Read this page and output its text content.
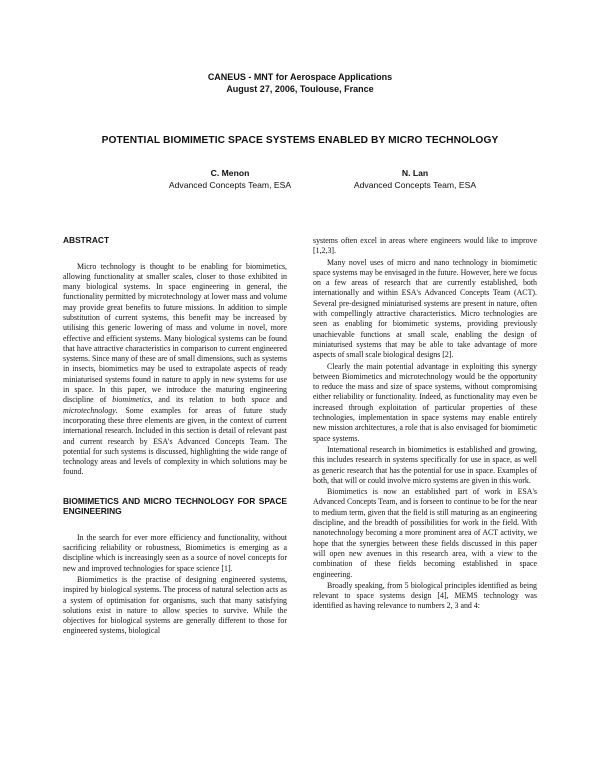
CANEUS - MNT for Aerospace Applications
August 27, 2006, Toulouse, France
POTENTIAL BIOMIMETIC SPACE SYSTEMS ENABLED BY MICRO TECHNOLOGY
C. Menon
Advanced Concepts Team, ESA
N. Lan
Advanced Concepts Team, ESA
ABSTRACT

Micro technology is thought to be enabling for biomimetics, allowing functionality at smaller scales, closer to those exhibited in many biological systems. In space engineering in general, the functionality permitted by microtechnology at lower mass and volume may provide great benefits to future missions. In addition to simple substitution of current systems, this benefit may be increased by utilising this generic lowering of mass and volume in novel, more effective and efficient systems. Many biological systems can be found that have attractive characteristics in comparison to current engineered systems. Since many of these are of small dimensions, such as systems in insects, biomimetics may be used to extrapolate aspects of ready miniaturised systems found in nature to apply in new systems for use in space. In this paper, we introduce the maturing engineering discipline of biomimetics, and its relation to both space and microtechnology. Some examples for areas of future study incorporating these three elements are given, in the context of current international research. Included in this section is detail of relevant past and current research by ESA's Advanced Concepts Team. The potential for such systems is discussed, highlighting the wide range of technology areas and levels of complexity in which solutions may be found.

BIOMIMETICS AND MICRO TECHNOLOGY FOR SPACE ENGINEERING

In the search for ever more efficiency and functionality, without sacrificing reliability or robustness, Biomimetics is emerging as a discipline which is increasingly seen as a source of novel concepts for new and improved technologies for space science [1].

Biomimetics is the practise of designing engineered systems, inspired by biological systems. The process of natural selection acts as a system of optimisation for organisms, such that many satisfying solutions exist in nature to allow species to survive. While the objectives for biological systems are generally different to those for engineered systems, biological

systems often excel in areas where engineers would like to improve [1,2,3].

Many novel uses of micro and nano technology in biomimetic space systems may be envisaged in the future. However, here we focus on a few areas of research that are currently established, both internationally and within ESA's Advanced Concepts Team (ACT). Several pre-designed miniaturised systems are present in nature, often with compellingly attractive characteristics. Micro technologies are seen as enabling for biomimetic systems, providing previously unachievable functions at small scale, enabling the design of miniaturised systems that may be able to take advantage of more aspects of small scale biological designs [2].

Clearly the main potential advantage in exploiting this synergy between Biomimetics and microtechnology would be the opportunity to reduce the mass and size of space systems, without compromising either reliability or functionality. Indeed, as functionality may even be increased through exploitation of particular properties of these technologies, implementation in space systems may enable entirely new mission architectures, a role that is also envisaged for biomimetic space systems.

International research in biomimetics is established and growing, this includes research in systems specifically for use in space, as well as generic research that has the potential for use in space. Examples of both, that will or could involve micro systems are given in this work.

Biomimetics is now an established part of work in ESA's Advanced Concepts Team, and is forseen to continue to be for the near to medium term, given that the field is still maturing as an engineering discipline, and the breadth of possibilities for work in the field. With nanotechnology becoming a more prominent area of ACT activity, we hope that the synergies between these fields discussed in this paper will open new avenues in this research area, with a view to the combination of these fields becoming established in space engineering.

Broadly speaking, from 5 biological principles identified as being relevant to space systems design [4], MEMS technology was identified as having relevance to numbers 2, 3 and 4:
